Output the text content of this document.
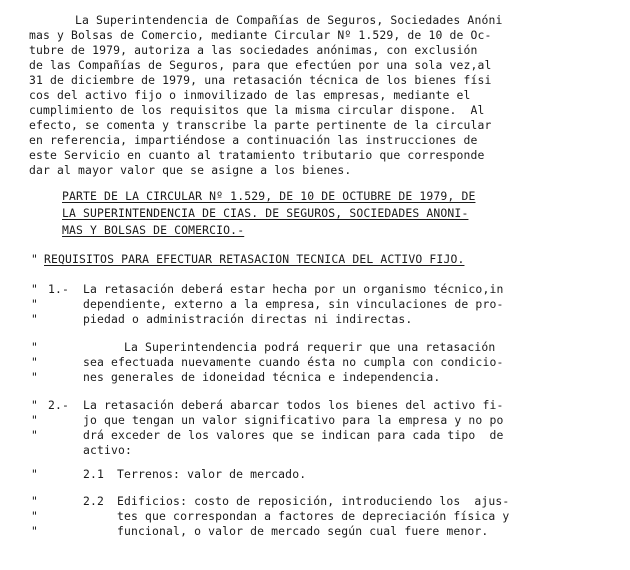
La Superintendencia de Compañías de Seguros, Sociedades Anóni
mas y Bolsas de Comercio, mediante Circular Nº 1.529, de 10 de Oc-
tubre de 1979, autoriza a las sociedades anónimas, con exclusión
de las Compañías de Seguros, para que efectúen por una sola vez,al
31 de diciembre de 1979, una retasación técnica de los bienes físi
cos del activo fijo o inmovilizado de las empresas, mediante el
cumplimiento de los requisitos que la misma circular dispone.  Al
efecto, se comenta y transcribe la parte pertinente de la circular
en referencia, impartiéndose a continuación las instrucciones de
este Servicio en cuanto al tratamiento tributario que corresponde
dar al mayor valor que se asigne a los bienes.
PARTE DE LA CIRCULAR Nº 1.529, DE 10 DE OCTUBRE DE 1979, DE
LA SUPERINTENDENCIA DE CIAS. DE SEGUROS, SOCIEDADES ANONI-
MAS Y BOLSAS DE COMERCIO.-
" REQUISITOS PARA EFECTUAR RETASACION TECNICA DEL ACTIVO FIJO.
"
"
"
1.- La retasación deberá estar hecha por un organismo técnico,in
dependiente, externo a la empresa, sin vinculaciones de pro-
piedad o administración directas ni indirectas.
"
"
"
La Superintendencia podrá requerir que una retasación
sea efectuada nuevamente cuando ésta no cumpla con condicio-
nes generales de idoneidad técnica e independencia.
"
"
"
2.- La retasación deberá abarcar todos los bienes del activo fi-
jo que tengan un valor significativo para la empresa y no po
drá exceder de los valores que se indican para cada tipo  de
activo:
"	2.1 Terrenos: valor de mercado.
"
"
"
2.2 Edificios: costo de reposición, introduciendo los  ajus-
tes que correspondan a factores de depreciación física y
funcional, o valor de mercado según cual fuere menor.
